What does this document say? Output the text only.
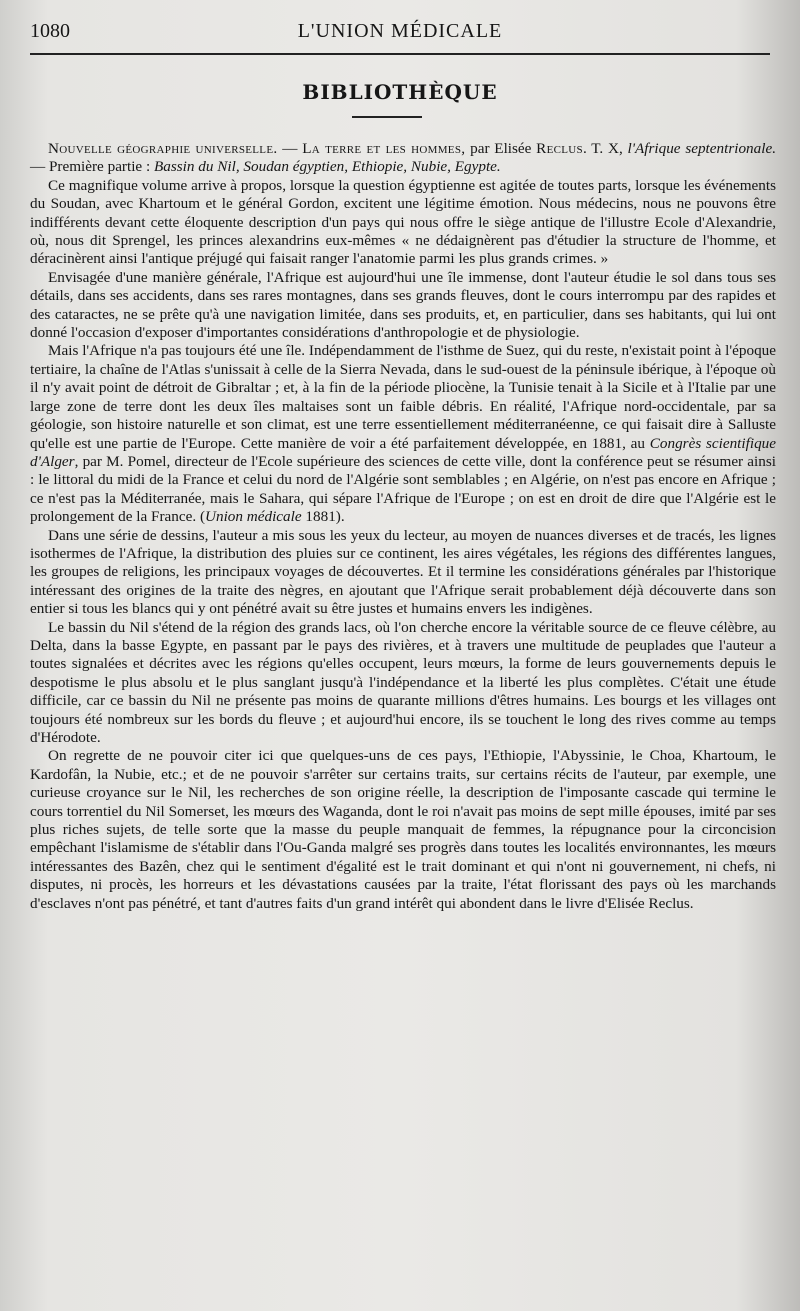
1080	L'UNION MÉDICALE
BIBLIOTHÈQUE

Nouvelle géographie universelle. — La terre et les hommes, par Elisée Reclus. T. X, l'Afrique septentrionale. — Première partie : Bassin du Nil, Soudan égyptien, Ethiopie, Nubie, Egypte.

Ce magnifique volume arrive à propos, lorsque la question égyptienne est agitée de toutes parts, lorsque les événements du Soudan, avec Khartoum et le général Gordon, excitent une légitime émotion. Nous médecins, nous ne pouvons être indifférents devant cette éloquente description d'un pays qui nous offre le siège antique de l'illustre Ecole d'Alexandrie, où, nous dit Sprengel, les princes alexandrins eux-mêmes « ne dédaignèrent pas d'étudier la structure de l'homme, et déracinèrent ainsi l'antique préjugé qui faisait ranger l'anatomie parmi les plus grands crimes. »

Envisagée d'une manière générale, l'Afrique est aujourd'hui une île immense, dont l'auteur étudie le sol dans tous ses détails, dans ses accidents, dans ses rares montagnes, dans ses grands fleuves, dont le cours interrompu par des rapides et des cataractes, ne se prête qu'à une navigation limitée, dans ses produits, et, en particulier, dans ses habitants, qui lui ont donné l'occasion d'exposer d'importantes considérations d'anthropologie et de physiologie.

Mais l'Afrique n'a pas toujours été une île. Indépendamment de l'isthme de Suez, qui du reste, n'existait point à l'époque tertiaire, la chaîne de l'Atlas s'unissait à celle de la Sierra Nevada, dans le sud-ouest de la péninsule ibérique, à l'époque où il n'y avait point de détroit de Gibraltar ; et, à la fin de la période pliocène, la Tunisie tenait à la Sicile et à l'Italie par une large zone de terre dont les deux îles maltaises sont un faible débris. En réalité, l'Afrique nord-occidentale, par sa géologie, son histoire naturelle et son climat, est une terre essentiellement méditerranéenne, ce qui faisait dire à Salluste qu'elle est une partie de l'Europe. Cette manière de voir a été parfaitement développée, en 1881, au Congrès scientifique d'Alger, par M. Pomel, directeur de l'Ecole supérieure des sciences de cette ville, dont la conférence peut se résumer ainsi : le littoral du midi de la France et celui du nord de l'Algérie sont semblables ; en Algérie, on n'est pas encore en Afrique ; ce n'est pas la Méditerranée, mais le Sahara, qui sépare l'Afrique de l'Europe ; on est en droit de dire que l'Algérie est le prolongement de la France. (Union médicale 1881).

Dans une série de dessins, l'auteur a mis sous les yeux du lecteur, au moyen de nuances diverses et de tracés, les lignes isothermes de l'Afrique, la distribution des pluies sur ce continent, les aires végétales, les régions des différentes langues, les groupes de religions, les principaux voyages de découvertes. Et il termine les considérations générales par l'historique intéressant des origines de la traite des nègres, en ajoutant que l'Afrique serait probablement déjà découverte dans son entier si tous les blancs qui y ont pénétré avait su être justes et humains envers les indigènes.

Le bassin du Nil s'étend de la région des grands lacs, où l'on cherche encore la véritable source de ce fleuve célèbre, au Delta, dans la basse Egypte, en passant par le pays des rivières, et à travers une multitude de peuplades que l'auteur a toutes signalées et décrites avec les régions qu'elles occupent, leurs mœurs, la forme de leurs gouvernements depuis le despotisme le plus absolu et le plus sanglant jusqu'à l'indépendance et la liberté les plus complètes. C'était une étude difficile, car ce bassin du Nil ne présente pas moins de quarante millions d'êtres humains. Les bourgs et les villages ont toujours été nombreux sur les bords du fleuve ; et aujourd'hui encore, ils se touchent le long des rives comme au temps d'Hérodote.

On regrette de ne pouvoir citer ici que quelques-uns de ces pays, l'Ethiopie, l'Abyssinie, le Choa, Khartoum, le Kardofân, la Nubie, etc.; et de ne pouvoir s'arrêter sur certains traits, sur certains récits de l'auteur, par exemple, une curieuse croyance sur le Nil, les recherches de son origine réelle, la description de l'imposante cascade qui termine le cours torrentiel du Nil Somerset, les mœurs des Waganda, dont le roi n'avait pas moins de sept mille épouses, imité par ses plus riches sujets, de telle sorte que la masse du peuple manquait de femmes, la répugnance pour la circoncision empêchant l'islamisme de s'établir dans l'Ou-Ganda malgré ses progrès dans toutes les localités environnantes, les mœurs intéressantes des Bazên, chez qui le sentiment d'égalité est le trait dominant et qui n'ont ni gouvernement, ni chefs, ni disputes, ni procès, les horreurs et les dévastations causées par la traite, l'état florissant des pays où les marchands d'esclaves n'ont pas pénétré, et tant d'autres faits d'un grand intérêt qui abondent dans le livre d'Elisée Reclus.
